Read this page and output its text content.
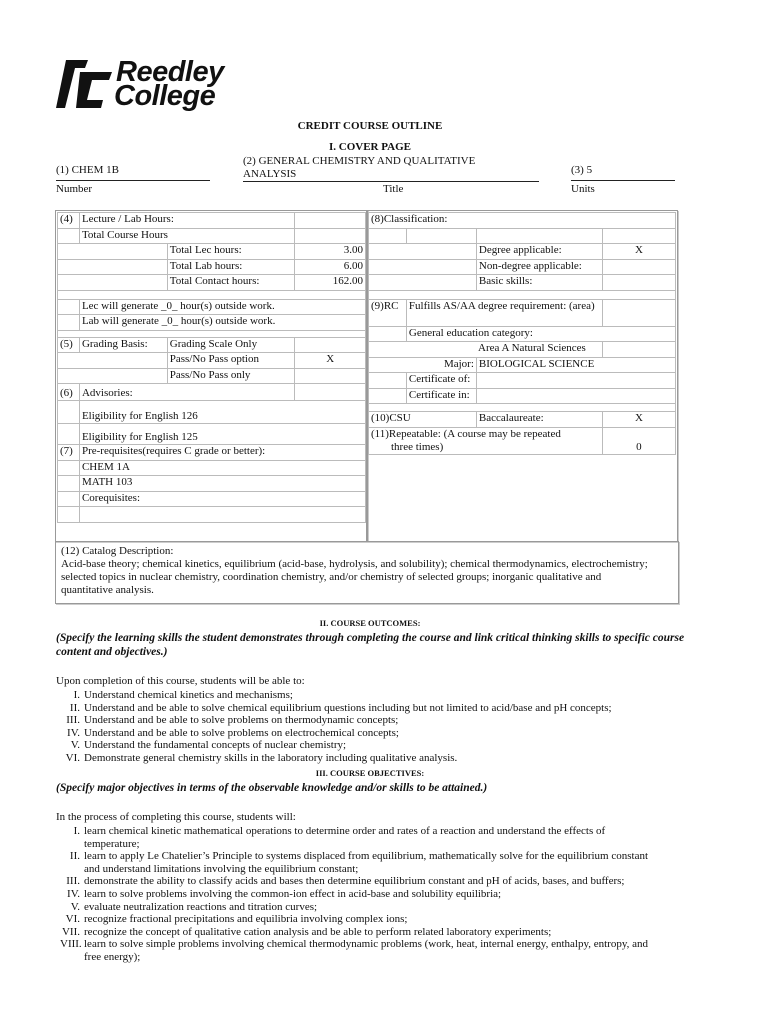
Reedley
College
CREDIT COURSE OUTLINE
I. COVER PAGE
(1) CHEM 1B
Number
(2) GENERAL CHEMISTRY AND QUALITATIVE
ANALYSIS
Title
(3) 5
Units
(4)	Lecture / Lab Hours:		
	Total Course Hours		
		Total Lec hours:	3.00
		Total Lab hours:	6.00
		Total Contact hours:	162.00

	Lec will generate _0_ hour(s) outside work.		
	Lab will generate _0_ hour(s) outside work.		

(5)	Grading Basis:	Grading Scale Only	
		Pass/No Pass option	X
		Pass/No Pass only	
(6)	Advisories:		
	Eligibility for English 126		
	Eligibility for English 125		
(7)	Pre-requisites(requires C grade or better):		
	CHEM 1A		
	MATH 103		
	Corequisites:		

(8)Classification:			

		Degree applicable:	X
		Non-degree applicable:	
		Basic skills:	

(9)RC	Fulfills AS/AA degree requirement: (area)		
	General education category:		
Area A Natural Sciences			
Major:		BIOLOGICAL SCIENCE	
	Certificate of:		
	Certificate in:		

(10)CSU		Baccalaureate:	X

(11)Repeatable: (A course may be repeated
three times)			0
(12) Catalog Description:
Acid-base theory; chemical kinetics, equilibrium (acid-base, hydrolysis, and solubility); chemical thermodynamics, electrochemistry;
selected topics in nuclear chemistry, coordination chemistry, and/or chemistry of selected groups; inorganic qualitative and
quantitative analysis.
II. COURSE OUTCOMES:
(Specify the learning skills the student demonstrates through completing the course and link critical thinking skills to specific course
content and objectives.)
Upon completion of this course, students will be able to:
I. Understand chemical kinetics and mechanisms;
II. Understand and be able to solve chemical equilibrium questions including but not limited to acid/base and pH concepts;
III. Understand and be able to solve problems on thermodynamic concepts;
IV. Understand and be able to solve problems on electrochemical concepts;
V. Understand the fundamental concepts of nuclear chemistry;
VI. Demonstrate general chemistry skills in the laboratory including qualitative analysis.
III. COURSE OBJECTIVES:
(Specify major objectives in terms of the observable knowledge and/or skills to be attained.)
In the process of completing this course, students will:
I. learn chemical kinetic mathematical operations to determine order and rates of a reaction and understand the effects of
temperature;
II. learn to apply Le Chatelier’s Principle to systems displaced from equilibrium, mathematically solve for the equilibrium constant
and understand limitations involving the equilibrium constant;
III. demonstrate the ability to classify acids and bases then determine equilibrium constant and pH of acids, bases, and buffers;
IV. learn to solve problems involving the common-ion effect in acid-base and solubility equilibria;
V. evaluate neutralization reactions and titration curves;
VI. recognize fractional precipitations and equilibria involving complex ions;
VII. recognize the concept of qualitative cation analysis and be able to perform related laboratory experiments;
VIII. learn to solve simple problems involving chemical thermodynamic problems (work, heat, internal energy, enthalpy, entropy, and
free energy);
